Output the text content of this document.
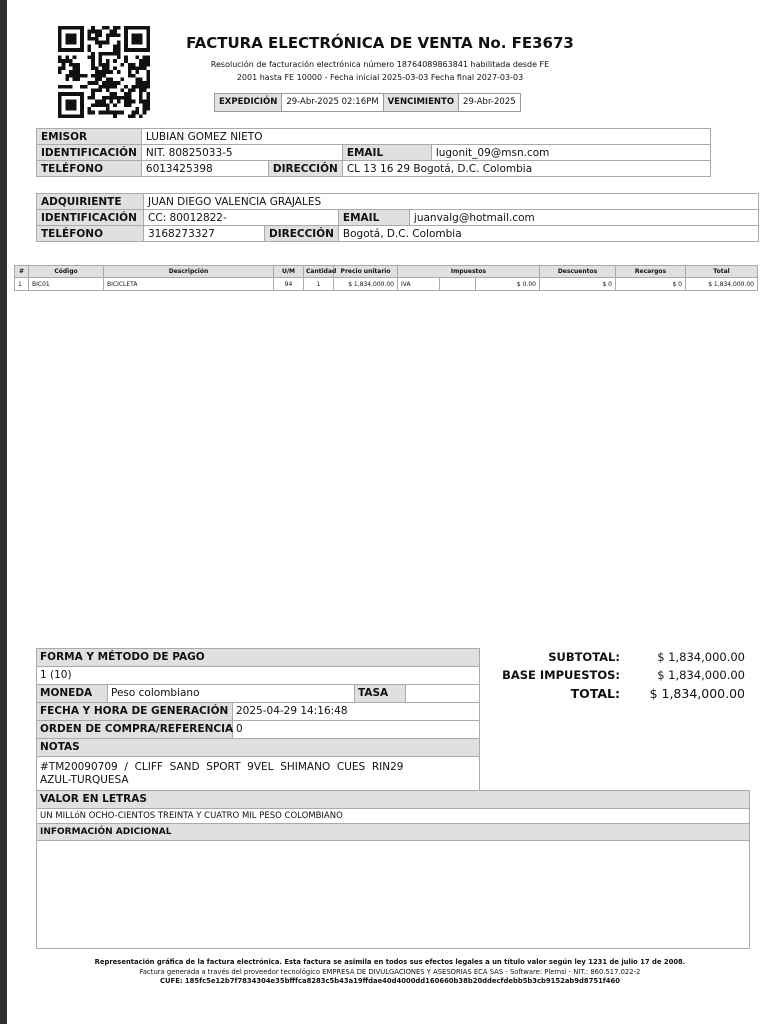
FACTURA ELECTRÓNICA DE VENTA No. FE3673
Resolución de facturación electrónica número 18764089863841 habilitada desde FE
2001 hasta FE 10000 - Fecha inicial 2025-03-03 Fecha final 2027-03-03
EXPEDICIÓN	29-Abr-2025 02:16PM	VENCIMIENTO	29-Abr-2025
EMISOR	LUBIAN GOMEZ NIETO			
IDENTIFICACIÓN	NIT. 80825033-5		EMAIL	lugonit_09@msn.com
TELÉFONO	6013425398	DIRECCIÓN	CL 13 16 29 Bogotá, D.C. Colombia	
ADQUIRIENTE	JUAN DIEGO VALENCIA GRAJALES			
IDENTIFICACIÓN	CC: 80012822-		EMAIL	juanvalg@hotmail.com
TELÉFONO	3168273327	DIRECCIÓN	Bogotá, D.C. Colombia	
#	Código	Descripción	U/M	Cantidad	Precio unitario	Impuestos			Descuentos	Recargos	Total
1	BIC01	BICICLETA	94	1	$ 1,834,000.00	IVA		$ 0.00	$ 0	$ 0	$ 1,834,000.00
FORMA Y MÉTODO DE PAGO
1 (10)
MONEDA	Peso colombiano	TASA
FECHA Y HORA DE GENERACIÓN 2025-04-29 14:16:48
ORDEN DE COMPRA/REFERENCIA 0
NOTAS
#TM20090709  /  CLIFF  SAND  SPORT  9VEL  SHIMANO  CUES  RIN29
AZUL-TURQUESA
SUBTOTAL:	$ 1,834,000.00
BASE IMPUESTOS:	$ 1,834,000.00
TOTAL:	$ 1,834,000.00
VALOR EN LETRAS
UN MILLóN OCHO-CIENTOS TREINTA Y CUATRO MIL PESO COLOMBIANO
INFORMACIÓN ADICIONAL
Representación gráfica de la factura electrónica. Esta factura se asimila en todos sus efectos legales a un título valor según ley 1231 de julio 17 de 2008.
Factura generada a través del proveedor tecnológico EMPRESA DE DIVULGACIONES Y ASESORIAS ECA SAS - Software: Plemsi - NIT.: 860.517.022-2
CUFE: 185fc5e12b7f7834304e35bfffca8283c5b43a19ffdae40d4000dd160660b38b20ddecfdebb5b3cb9152ab9d8751f460
